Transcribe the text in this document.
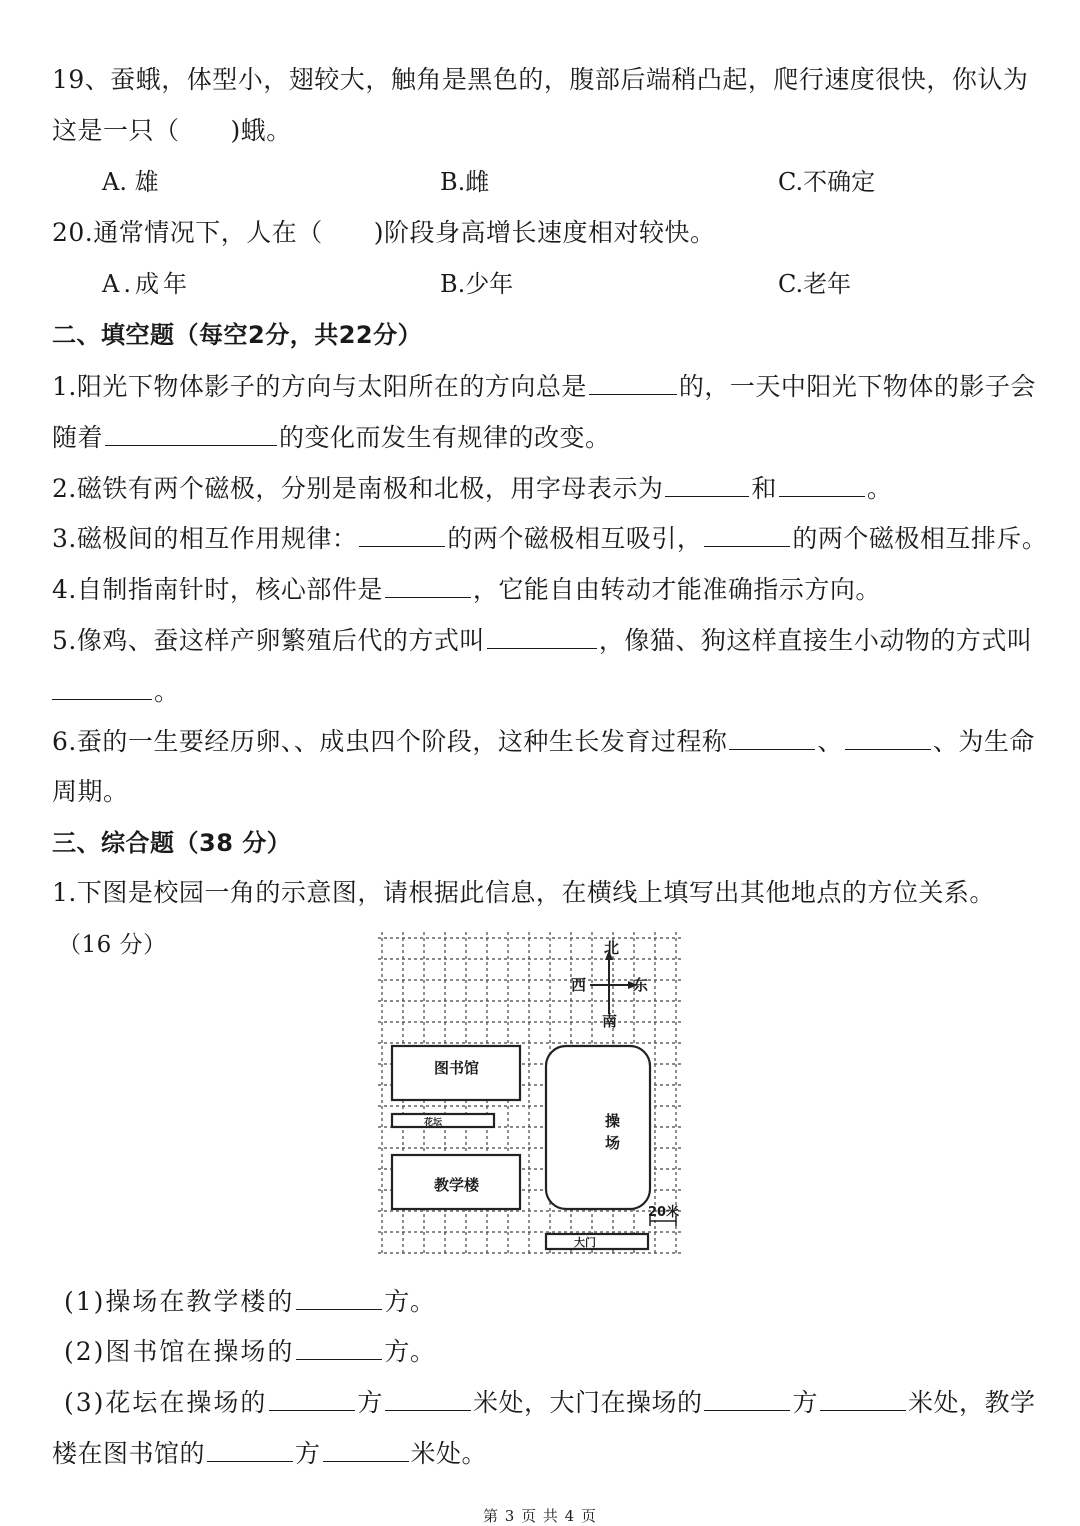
19、蚕蛾，体型小，翅较大，触角是黑色的，腹部后端稍凸起，爬行速度很快，你认为
这是一只（　　)蛾。
A. 雄	B.雌	C.不确定
20.通常情况下，人在（　　)阶段身高增长速度相对较快。
A.成年	B.少年	C.老年
二、填空题（每空2分，共22分）
1.阳光下物体影子的方向与太阳所在的方向总是	的，一天中阳光下物体的影子会
随着	的变化而发生有规律的改变。
2.磁铁有两个磁极，分别是南极和北极，用字母表示为	和	。
3.磁极间的相互作用规律：	的两个磁极相互吸引，	的两个磁极相互排斥。
4.自制指南针时，核心部件是	，它能自由转动才能准确指示方向。
5.像鸡、蚕这样产卵繁殖后代的方式叫	，像猫、狗这样直接生小动物的方式叫
。
6.蚕的一生要经历卵、、成虫四个阶段，这种生长发育过程称	、	、为生命
周期。
三、综合题（38 分）
1.下图是校园一角的示意图，请根据此信息，在横线上填写出其他地点的方位关系。
（16 分）	北
西	东
南
图书馆
花坛
教学楼
操
场
大门
20米
(1)操场在教学楼的	方。
(2)图书馆在操场的	方。
(3)花坛在操场的	方	米处，大门在操场的	方	米处，教学
楼在图书馆的	方	米处。
第 3 页 共 4 页
